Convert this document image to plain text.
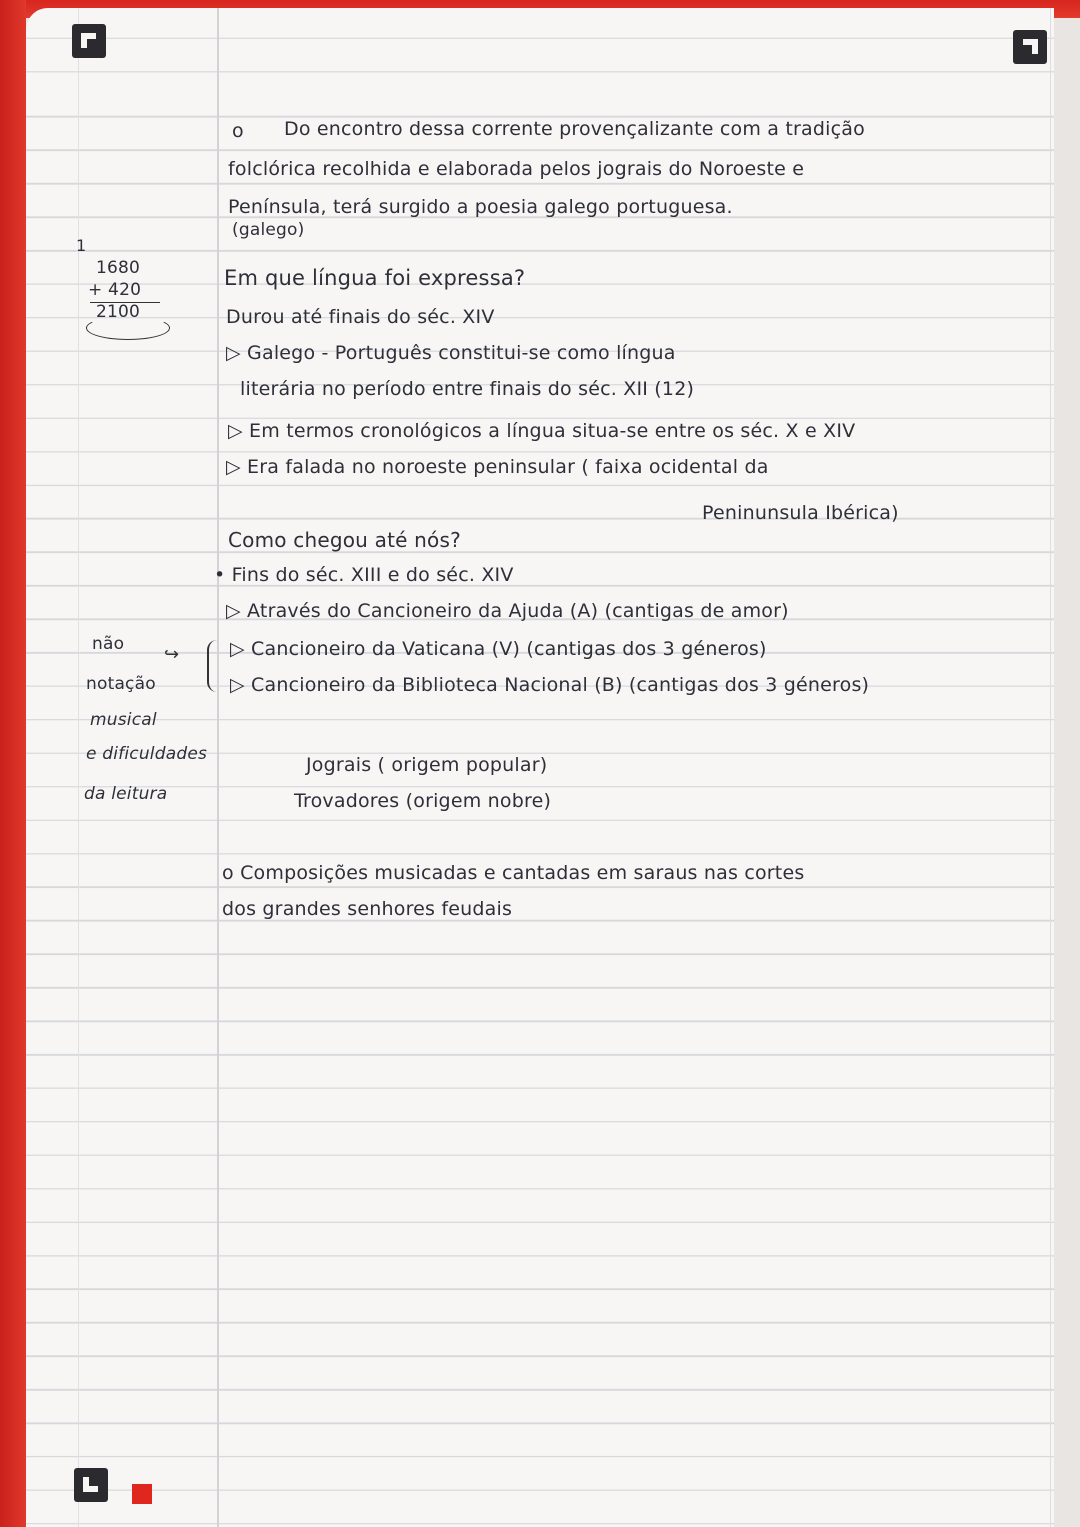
1
1680
+ 420
2100
o Do encontro dessa corrente provençalizante com a tradição
folclórica recolhida e elaborada pelos jograis do Noroeste e
Península, terá surgido a poesia galego portuguesa.
(galego)
Em que língua foi expressa?
Durou até finais do séc. XIV
▷ Galego - Português constitui-se como língua
literária no período entre finais do séc. XII (12)
▷ Em termos cronológicos a língua situa-se entre os séc. X e XIV
▷ Era falada no noroeste peninsular ( faixa ocidental da
Peninunsula Ibérica)
Como chegou até nós?
• Fins do séc. XIII e do séc. XIV
▷ Através do Cancioneiro da Ajuda (A) (cantigas de amor)
↪	▷ Cancioneiro da Vaticana (V) (cantigas dos 3 géneros)
▷ Cancioneiro da Biblioteca Nacional (B) (cantigas dos 3 géneros)
não
notação
musical
e dificuldades
da leitura
Jograis ( origem popular)
Trovadores (origem nobre)
o Composições musicadas e cantadas em saraus nas cortes
dos grandes senhores feudais
